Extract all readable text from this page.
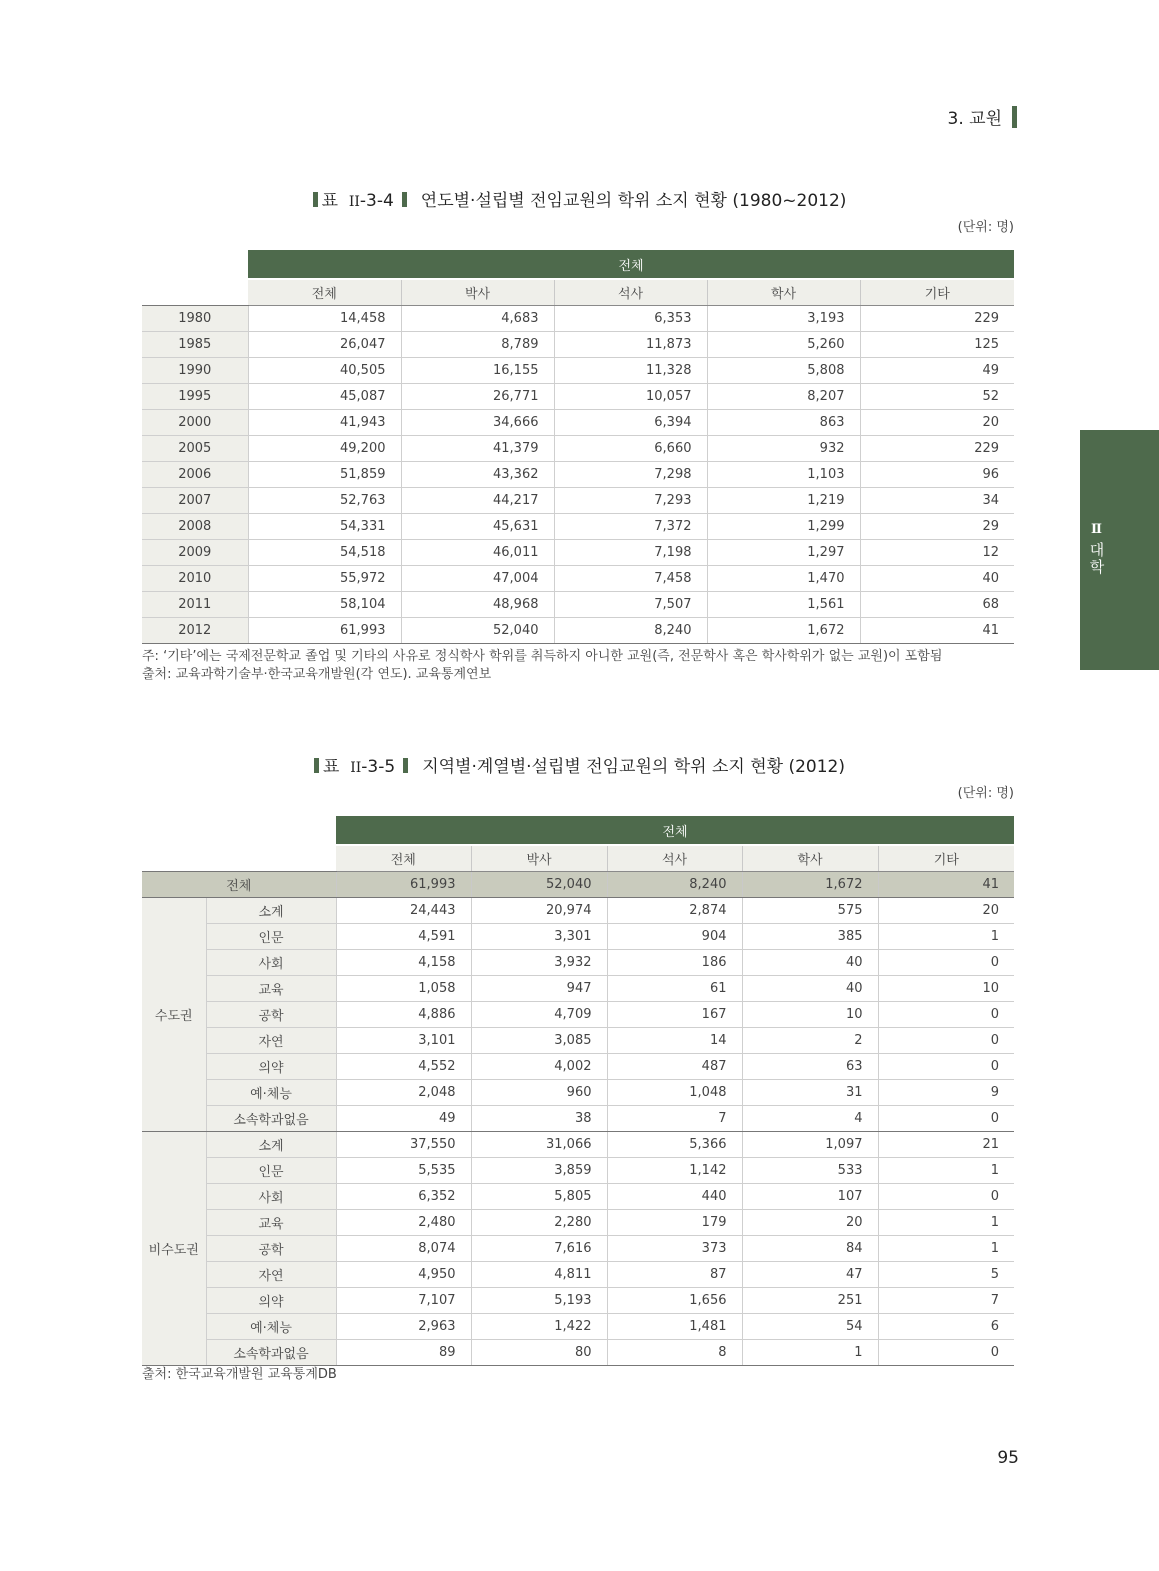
3. 교원
Ⅱ
대학
표 II-3-4 연도별·설립별 전임교원의 학위 소지 현황 (1980~2012)
(단위: 명)
	전체				
	전체	박사	석사	학사	기타
1980	14,458	4,683	6,353	3,193	229
1985	26,047	8,789	11,873	5,260	125
1990	40,505	16,155	11,328	5,808	49
1995	45,087	26,771	10,057	8,207	52
2000	41,943	34,666	6,394	863	20
2005	49,200	41,379	6,660	932	229
2006	51,859	43,362	7,298	1,103	96
2007	52,763	44,217	7,293	1,219	34
2008	54,331	45,631	7,372	1,299	29
2009	54,518	46,011	7,198	1,297	12
2010	55,972	47,004	7,458	1,470	40
2011	58,104	48,968	7,507	1,561	68
2012	61,993	52,040	8,240	1,672	41
주: ‘기타’에는 국제전문학교 졸업 및 기타의 사유로 정식학사 학위를 취득하지 아니한 교원(즉, 전문학사 혹은 학사학위가 없는 교원)이 포함됨
출처: 교육과학기술부·한국교육개발원(각 연도). 교육통계연보
표 II-3-5 지역별·계열별·설립별 전임교원의 학위 소지 현황 (2012)
(단위: 명)
		전체				
		전체	박사	석사	학사	기타
전체		61,993	52,040	8,240	1,672	41
수도권	소계	24,443	20,974	2,874	575	20
	인문	4,591	3,301	904	385	1
	사회	4,158	3,932	186	40	0
	교육	1,058	947	61	40	10
	공학	4,886	4,709	167	10	0
	자연	3,101	3,085	14	2	0
	의약	4,552	4,002	487	63	0
	예·체능	2,048	960	1,048	31	9
	소속학과없음	49	38	7	4	0
비수도권	소계	37,550	31,066	5,366	1,097	21
	인문	5,535	3,859	1,142	533	1
	사회	6,352	5,805	440	107	0
	교육	2,480	2,280	179	20	1
	공학	8,074	7,616	373	84	1
	자연	4,950	4,811	87	47	5
	의약	7,107	5,193	1,656	251	7
	예·체능	2,963	1,422	1,481	54	6
	소속학과없음	89	80	8	1	0
출처: 한국교육개발원 교육통계DB
95
